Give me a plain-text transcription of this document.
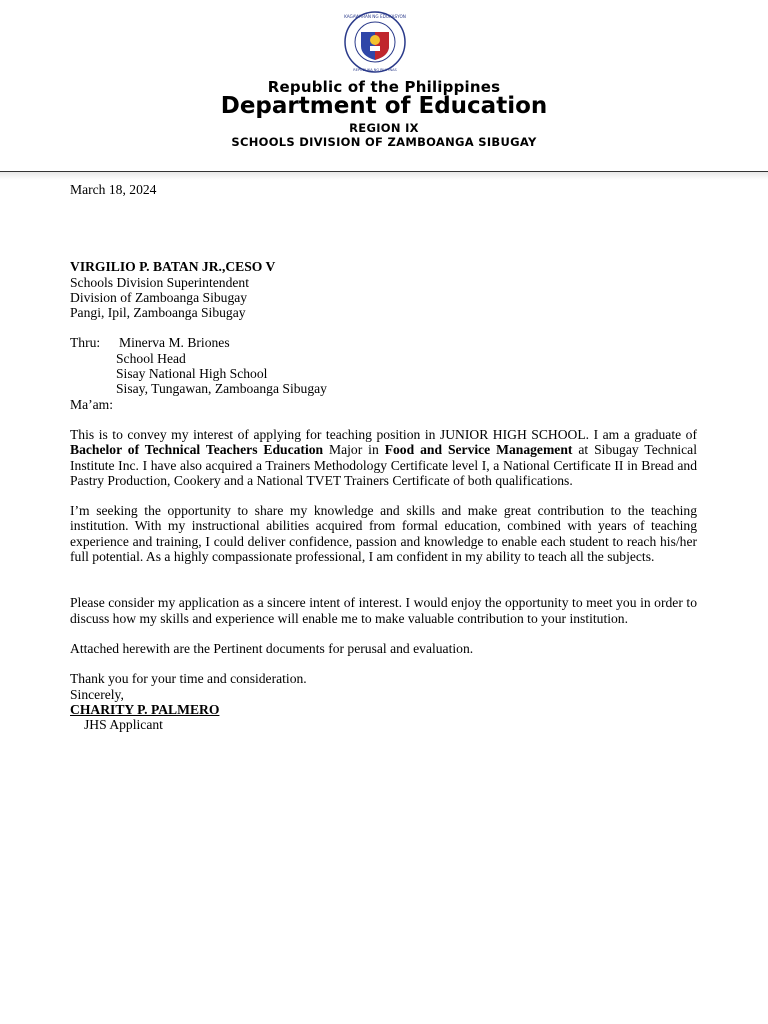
KAGAWARAN NG EDUKASYON
REPUBLIKA NG PILIPINAS
Republic of the Philippines
Department of Education
REGION IX
SCHOOLS DIVISION OF ZAMBOANGA SIBUGAY

March 18, 2024

VIRGILIO P. BATAN JR.,CESO V

Schools Division Superintendent

Division of Zamboanga Sibugay

Pangi, Ipil, Zamboanga Sibugay

Thru:	Minerva M. Briones

School Head

Sisay National High School

Sisay, Tungawan, Zamboanga Sibugay

Ma’am:

This is to convey my interest of applying for teaching position in JUNIOR HIGH SCHOOL. I am a graduate of Bachelor of Technical Teachers Education Major in Food and Service Management at Sibugay Technical Institute Inc. I have also acquired a Trainers Methodology Certificate level I, a National Certificate II in Bread and Pastry Production, Cookery and a National TVET Trainers Certificate of both qualifications.

I’m seeking the opportunity to share my knowledge and skills and make great contribution to the teaching institution. With my instructional abilities acquired from formal education, combined with years of teaching experience and training, I could deliver confidence, passion and knowledge to enable each student to reach his/her full potential. As a highly compassionate professional, I am confident in my ability to teach all the subjects.

Please consider my application as a sincere intent of interest. I would enjoy the opportunity to meet you in order to discuss how my skills and experience will enable me to make valuable contribution to your institution.

Attached herewith are the Pertinent documents for perusal and evaluation.

Thank you for your time and consideration.

Sincerely,

CHARITY P. PALMERO

JHS Applicant
